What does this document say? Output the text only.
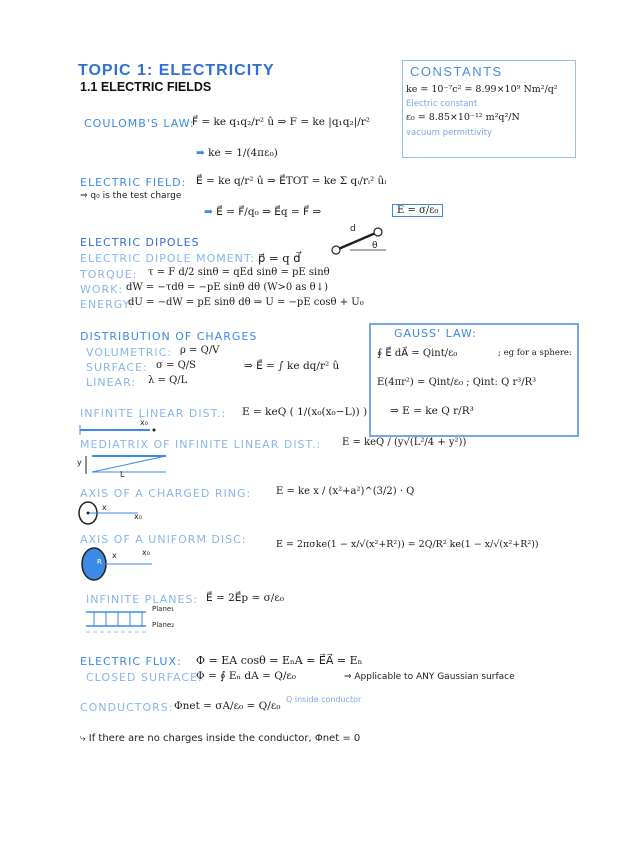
TOPIC 1: ELECTRICITY
1.1 ELECTRIC FIELDS
CONSTANTS
ke = 10⁻⁷c² = 8.99×10⁹ Nm²/q²
Electric constant
ε₀ = 8.85×10⁻¹² m²q²/N
vacuum permittivity
COULOMB'S LAW:
F⃗ = ke q₁q₂/r² û ⇒ F = ke |q₁q₂|/r²
➡ ke = 1/(4πε₀)
ELECTRIC FIELD: E⃗ = ke q/r² û ⇒ E⃗TOT = ke Σ qᵢ/rᵢ² ûᵢ
⇒ q₀ is the test charge
➡ E⃗ = F⃗/q₀ ⇒ E⃗q = F⃗ ⇒	E = σ/ε₀
ELECTRIC DIPOLES
ELECTRIC DIPOLE MOMENT: p⃗ = q d⃗
TORQUE: τ = F d/2 sinθ = qEd sinθ = pE sinθ
WORK: dW = −τdθ = −pE sinθ dθ (W>0 as θ↓)
ENERGY:
dU = −dW = pE sinθ dθ ⇒ U = −pE cosθ + U₀
d
θ
DISTRIBUTION OF CHARGES
VOLUMETRIC: ρ = Q/V
SURFACE: σ = Q/S
LINEAR: λ = Q/L
⇒ E⃗ = ∫ ke dq/r² û
GAUSS' LAW:
∮ E⃗ dA⃗ = Qint/ε₀	; eg for a sphere:
E(4πr²) = Qint/ε₀ ; Qint: Q r³/R³
⇒ E = ke Q r/R³
INFINITE LINEAR DIST.: E = keQ ( 1/(x₀(x₀−L)) )
x₀
MEDIATRIX OF INFINITE LINEAR DIST.: E = keQ / (y√(L²/4 + y²))
y
L
AXIS OF A CHARGED RING: E = ke x / (x²+a²)^(3/2) · Q
x
x₀
AXIS OF A UNIFORM DISC:	E = 2πσke(1 − x/√(x²+R²)) = 2Q/R² ke(1 − x/√(x²+R²))
x	x₀
R
INFINITE PLANES: E⃗ = 2E⃗p = σ/ε₀
Plane₁
Plane₂
ELECTRIC FLUX: Φ = EA cosθ = EₙA = E⃗A⃗ = Eₙ
CLOSED SURFACE:
Φ = ∮ Eₙ dA = Q/ε₀	⇒ Applicable to ANY Gaussian surface
CONDUCTORS: Φnet = σA/ε₀ = Q/ε₀
Q inside conductor
⤷ If there are no charges inside the conductor, Φnet = 0
